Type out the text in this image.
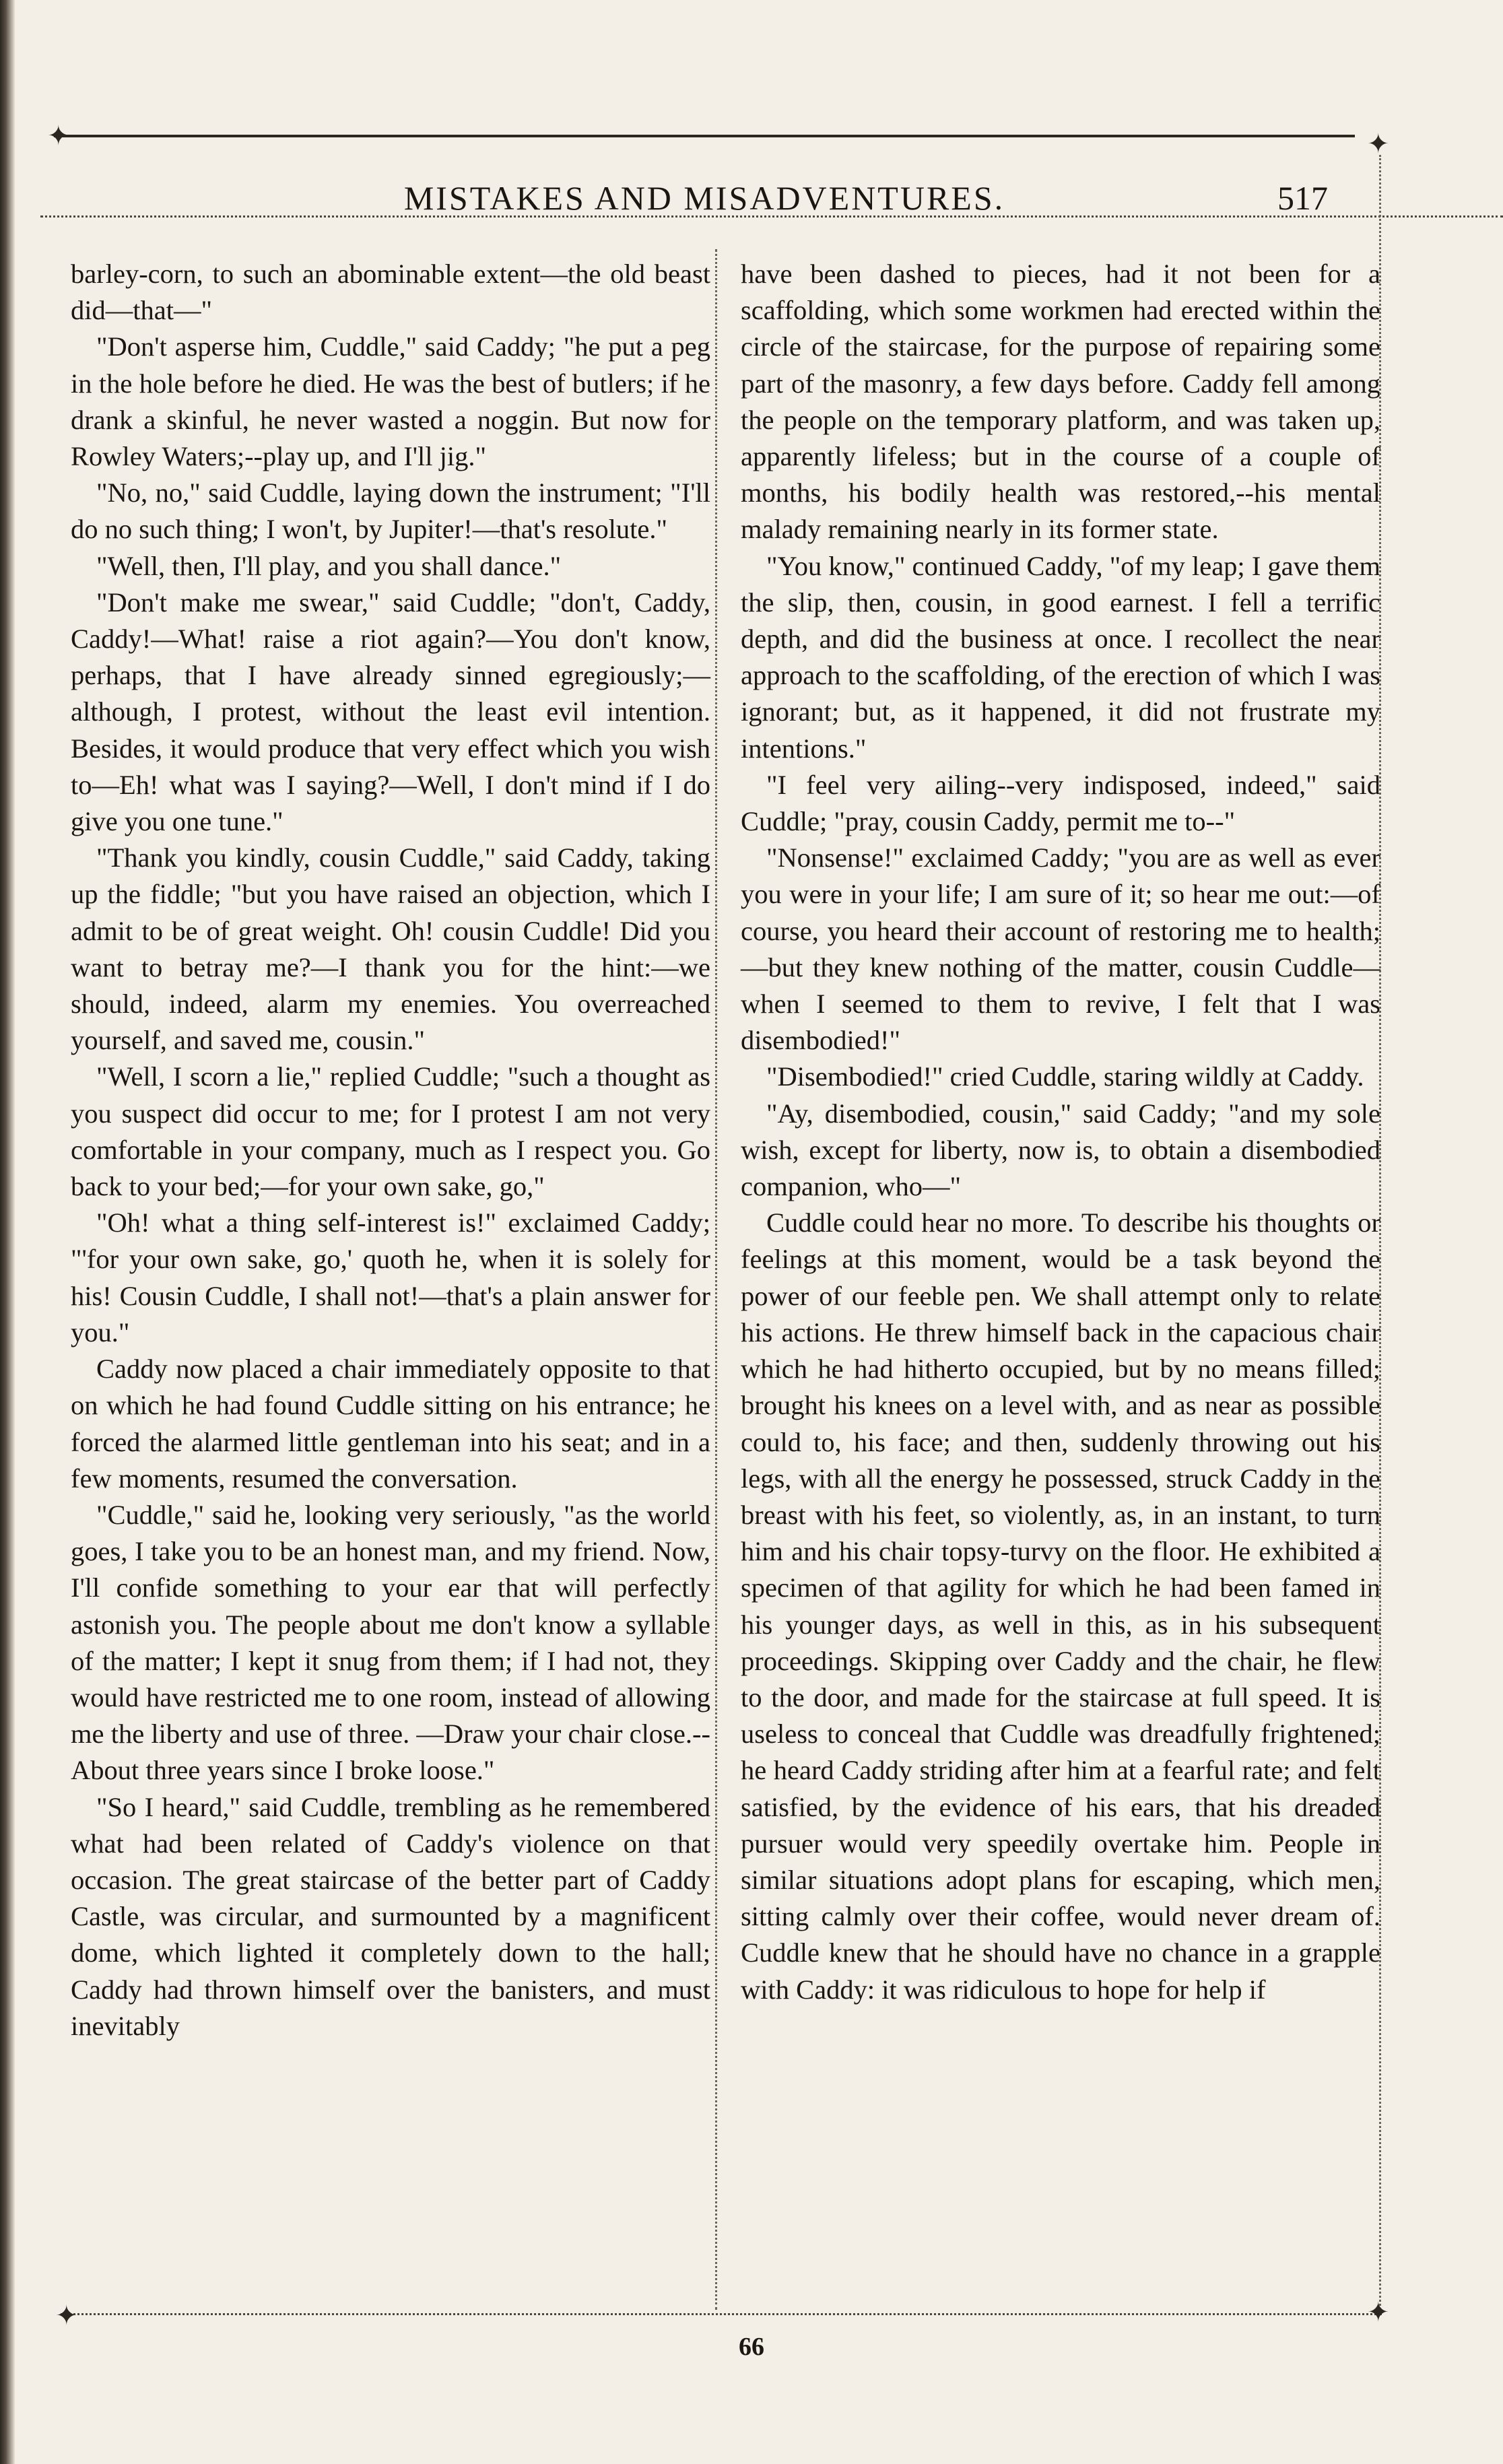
MISTAKES AND MISADVENTURES.	517
✦	✦

barley-corn, to such an abominable extent—the old beast did—that—"

"Don't asperse him, Cuddle," said Caddy; "he put a peg in the hole before he died. He was the best of butlers; if he drank a skinful, he never wasted a noggin. But now for Rowley Waters;--play up, and I'll jig."

"No, no," said Cuddle, laying down the instrument; "I'll do no such thing; I won't, by Jupiter!—that's resolute."

"Well, then, I'll play, and you shall dance."

"Don't make me swear," said Cuddle; "don't, Caddy, Caddy!—What! raise a riot again?—You don't know, perhaps, that I have already sinned egregiously;—although, I protest, without the least evil intention. Besides, it would produce that very effect which you wish to—Eh! what was I saying?—Well, I don't mind if I do give you one tune."

"Thank you kindly, cousin Cuddle," said Caddy, taking up the fiddle; "but you have raised an objection, which I admit to be of great weight. Oh! cousin Cuddle! Did you want to betray me?—I thank you for the hint:—we should, indeed, alarm my enemies. You overreached yourself, and saved me, cousin."

"Well, I scorn a lie," replied Cuddle; "such a thought as you suspect did occur to me; for I protest I am not very comfortable in your company, much as I respect you. Go back to your bed;—for your own sake, go,"

"Oh! what a thing self-interest is!" exclaimed Caddy; "'for your own sake, go,' quoth he, when it is solely for his! Cousin Cuddle, I shall not!—that's a plain answer for you."

Caddy now placed a chair immediately opposite to that on which he had found Cuddle sitting on his entrance; he forced the alarmed little gentleman into his seat; and in a few moments, resumed the conversation.

"Cuddle," said he, looking very seriously, "as the world goes, I take you to be an honest man, and my friend. Now, I'll confide something to your ear that will perfectly astonish you. The people about me don't know a syllable of the matter; I kept it snug from them; if I had not, they would have restricted me to one room, instead of allowing me the liberty and use of three. —Draw your chair close.--About three years since I broke loose."

"So I heard," said Cuddle, trembling as he remembered what had been related of Caddy's violence on that occasion. The great staircase of the better part of Caddy Castle, was circular, and surmounted by a magnificent dome, which lighted it completely down to the hall; Caddy had thrown himself over the banisters, and must inevitably

have been dashed to pieces, had it not been for a scaffolding, which some workmen had erected within the circle of the staircase, for the purpose of repairing some part of the masonry, a few days before. Caddy fell among the people on the temporary platform, and was taken up, apparently lifeless; but in the course of a couple of months, his bodily health was restored,--his mental malady remaining nearly in its former state.

"You know," continued Caddy, "of my leap; I gave them the slip, then, cousin, in good earnest. I fell a terrific depth, and did the business at once. I recollect the near approach to the scaffolding, of the erection of which I was ignorant; but, as it happened, it did not frustrate my intentions."

"I feel very ailing--very indisposed, indeed," said Cuddle; "pray, cousin Caddy, permit me to--"

"Nonsense!" exclaimed Caddy; "you are as well as ever you were in your life; I am sure of it; so hear me out:—of course, you heard their account of restoring me to health;—but they knew nothing of the matter, cousin Cuddle—when I seemed to them to revive, I felt that I was disembodied!"

"Disembodied!" cried Cuddle, staring wildly at Caddy.

"Ay, disembodied, cousin," said Caddy; "and my sole wish, except for liberty, now is, to obtain a disembodied companion, who—"

Cuddle could hear no more. To describe his thoughts or feelings at this moment, would be a task beyond the power of our feeble pen. We shall attempt only to relate his actions. He threw himself back in the capacious chair which he had hitherto occupied, but by no means filled; brought his knees on a level with, and as near as possible could to, his face; and then, suddenly throwing out his legs, with all the energy he possessed, struck Caddy in the breast with his feet, so violently, as, in an instant, to turn him and his chair topsy-turvy on the floor. He exhibited a specimen of that agility for which he had been famed in his younger days, as well in this, as in his subsequent proceedings. Skipping over Caddy and the chair, he flew to the door, and made for the staircase at full speed. It is useless to conceal that Cuddle was dreadfully frightened; he heard Caddy striding after him at a fearful rate; and felt satisfied, by the evidence of his ears, that his dreaded pursuer would very speedily overtake him. People in similar situations adopt plans for escaping, which men, sitting calmly over their coffee, would never dream of. Cuddle knew that he should have no chance in a grapple with Caddy: it was ridiculous to hope for help if

✦	✦
66
